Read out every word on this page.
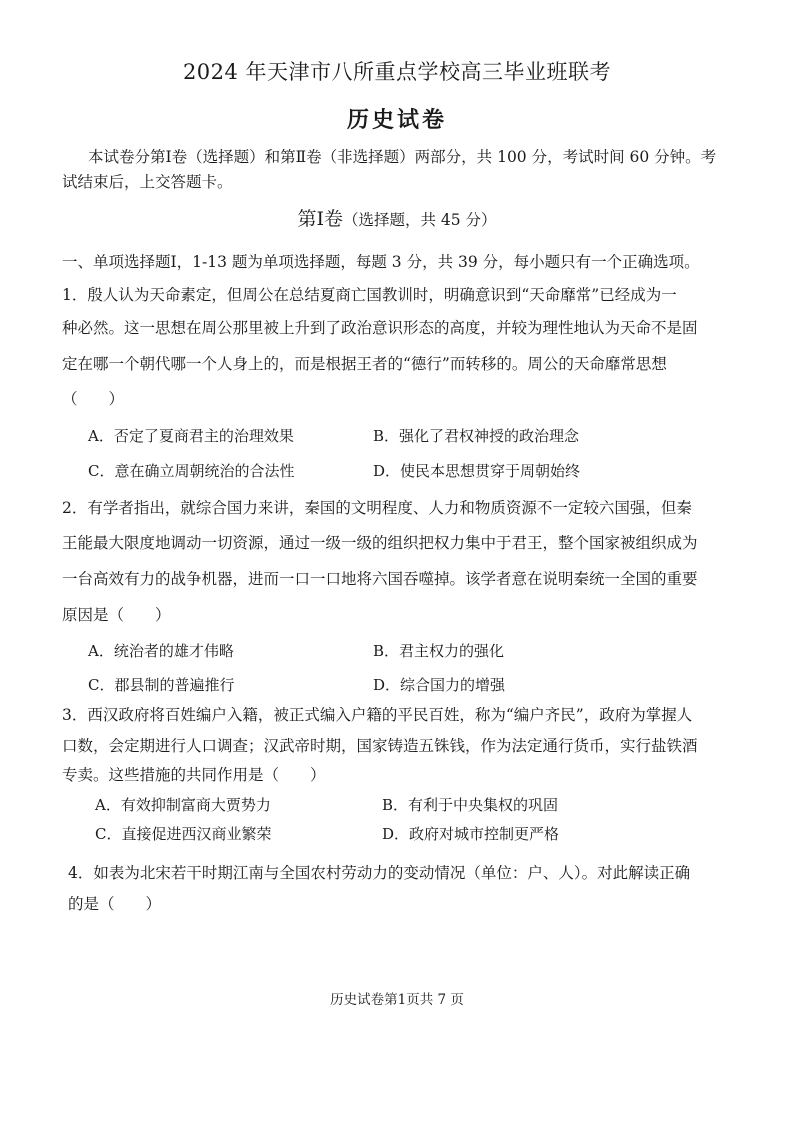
2024 年天津市八所重点学校高三毕业班联考
历史试卷
本试卷分第Ⅰ卷（选择题）和第Ⅱ卷（非选择题）两部分，共 100 分，考试时间 60 分钟。考
试结束后，上交答题卡。
第Ⅰ卷（选择题，共 45 分）
一、单项选择题Ⅰ，1-13 题为单项选择题，每题 3 分，共 39 分，每小题只有一个正确选项。
1．殷人认为天命素定，但周公在总结夏商亡国教训时，明确意识到“天命靡常”已经成为一
种必然。这一思想在周公那里被上升到了政治意识形态的高度，并较为理性地认为天命不是固
定在哪一个朝代哪一个人身上的，而是根据王者的“德行”而转移的。周公的天命靡常思想
（　　）
A．否定了夏商君主的治理效果	B．强化了君权神授的政治理念
C．意在确立周朝统治的合法性	D．使民本思想贯穿于周朝始终
2．有学者指出，就综合国力来讲，秦国的文明程度、人力和物质资源不一定较六国强，但秦
王能最大限度地调动一切资源，通过一级一级的组织把权力集中于君王，整个国家被组织成为
一台高效有力的战争机器，进而一口一口地将六国吞噬掉。该学者意在说明秦统一全国的重要
原因是（　　）
A．统治者的雄才伟略	B．君主权力的强化
C．郡县制的普遍推行	D．综合国力的增强
3．西汉政府将百姓编户入籍，被正式编入户籍的平民百姓，称为“编户齐民”，政府为掌握人
口数，会定期进行人口调查；汉武帝时期，国家铸造五铢钱，作为法定通行货币，实行盐铁酒
专卖。这些措施的共同作用是（　　）
A．有效抑制富商大贾势力	B．有利于中央集权的巩固
C．直接促进西汉商业繁荣	D．政府对城市控制更严格
4．如表为北宋若干时期江南与全国农村劳动力的变动情况（单位：户、人）。对此解读正确
的是（　　）
历史试卷第1页共 7 页
